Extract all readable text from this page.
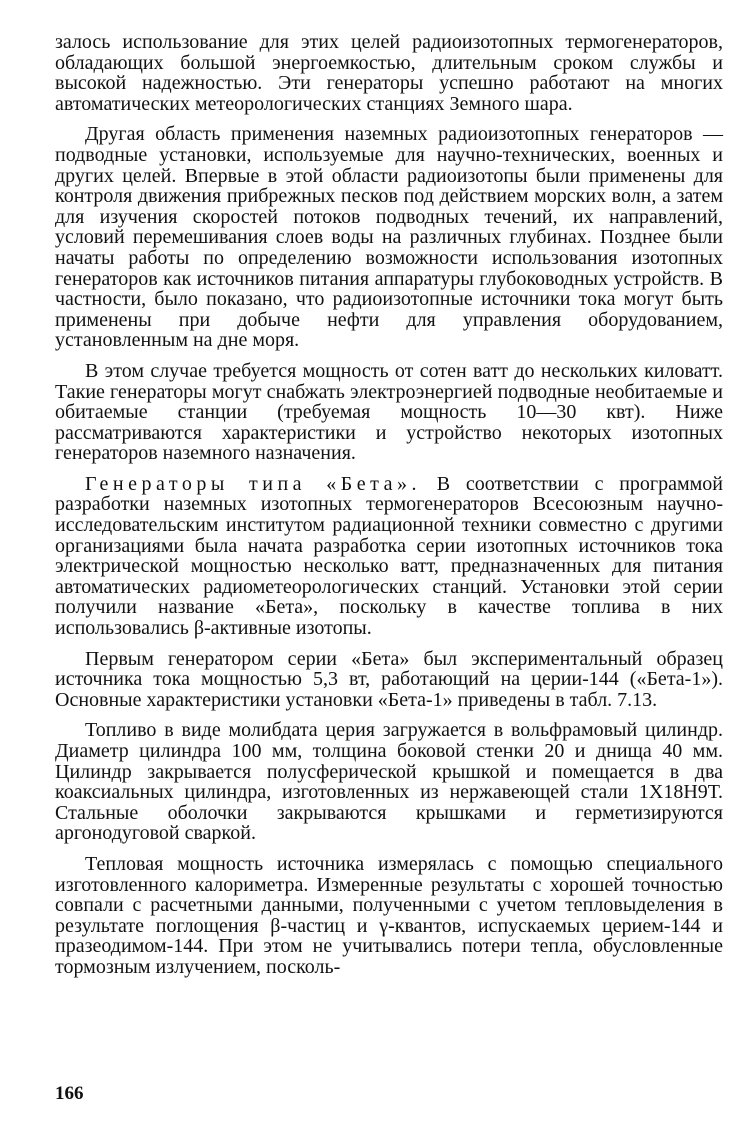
залось использование для этих целей радиоизотопных термогенераторов, обладающих большой энергоемкостью, длительным сроком службы и высокой надежностью. Эти генераторы успешно работают на многих автоматических метеорологических станциях Земного шара.

Другая область применения наземных радиоизотопных генераторов — подводные установки, используемые для научно-технических, военных и других целей. Впервые в этой области радиоизотопы были применены для контроля движения прибрежных песков под действием морских волн, а затем для изучения скоростей потоков подводных течений, их направлений, условий перемешивания слоев воды на различных глубинах. Позднее были начаты работы по определению возможности использования изотопных генераторов как источников питания аппаратуры глубоководных устройств. В частности, было показано, что радиоизотопные источники тока могут быть применены при добыче нефти для управления оборудованием, установленным на дне моря.

В этом случае требуется мощность от сотен ватт до нескольких киловатт. Такие генераторы могут снабжать электроэнергией подводные необитаемые и обитаемые станции (требуемая мощность 10—30 квт). Ниже рассматриваются характеристики и устройство некоторых изотопных генераторов наземного назначения.

Генераторы типа «Бета». В соответствии с программой разработки наземных изотопных термогенераторов Всесоюзным научно-исследовательским институтом радиационной техники совместно с другими организациями была начата разработка серии изотопных источников тока электрической мощностью несколько ватт, предназначенных для питания автоматических радиометеорологических станций. Установки этой серии получили название «Бета», поскольку в качестве топлива в них использовались β-активные изотопы.

Первым генератором серии «Бета» был экспериментальный образец источника тока мощностью 5,3 вт, работающий на церии-144 («Бета-1»). Основные характеристики установки «Бета-1» приведены в табл. 7.13.

Топливо в виде молибдата церия загружается в вольфрамовый цилиндр. Диаметр цилиндра 100 мм, толщина боковой стенки 20 и днища 40 мм. Цилиндр закрывается полусферической крышкой и помещается в два коаксиальных цилиндра, изготовленных из нержавеющей стали 1Х18Н9Т. Стальные оболочки закрываются крышками и герметизируются аргонодуговой сваркой.

Тепловая мощность источника измерялась с помощью специального изготовленного калориметра. Измеренные результаты с хорошей точностью совпали с расчетными данными, полученными с учетом тепловыделения в результате поглощения β-частиц и γ-квантов, испускаемых церием-144 и празеодимом-144. При этом не учитывались потери тепла, обусловленные тормозным излучением, посколь-

166
